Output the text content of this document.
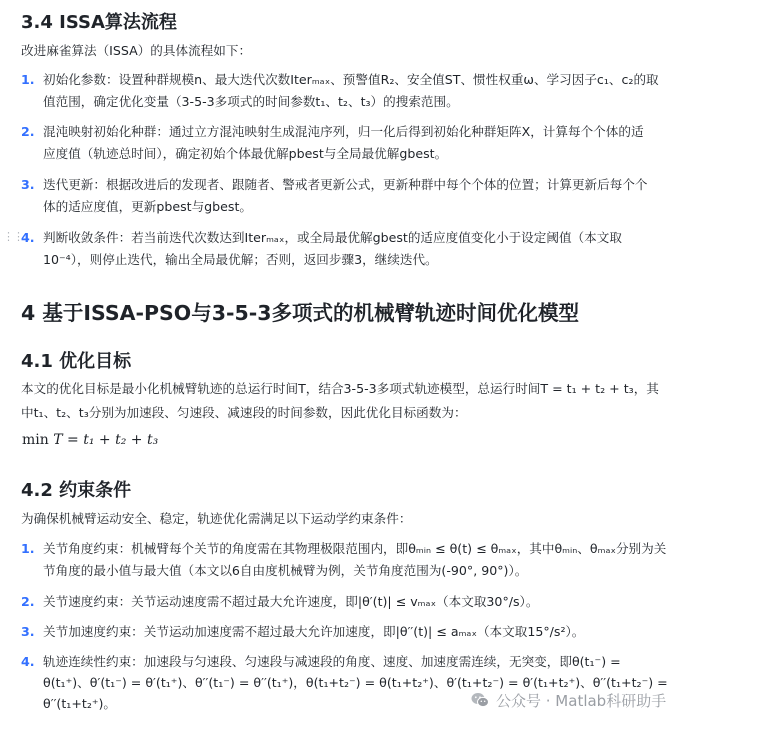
3.4 ISSA算法流程
改进麻雀算法（ISSA）的具体流程如下：
1. 初始化参数：设置种群规模n、最大迭代次数Iterₘₐₓ、预警值R₂、安全值ST、惯性权重ω、学习因子c₁、c₂的取
值范围，确定优化变量（3-5-3多项式的时间参数t₁、t₂、t₃）的搜索范围。
2. 混沌映射初始化种群：通过立方混沌映射生成混沌序列，归一化后得到初始化种群矩阵X，计算每个个体的适
应度值（轨迹总时间），确定初始个体最优解pbest与全局最优解gbest。
3. 迭代更新：根据改进后的发现者、跟随者、警戒者更新公式，更新种群中每个个体的位置；计算更新后每个个
体的适应度值，更新pbest与gbest。
⋮⋮
4. 判断收敛条件：若当前迭代次数达到Iterₘₐₓ，或全局最优解gbest的适应度值变化小于设定阈值（本文取
10⁻⁴），则停止迭代，输出全局最优解；否则，返回步骤3，继续迭代。
4 基于ISSA-PSO与3-5-3多项式的机械臂轨迹时间优化模型
4.1 优化目标
本文的优化目标是最小化机械臂轨迹的总运行时间T，结合3-5-3多项式轨迹模型，总运行时间T = t₁ + t₂ + t₃，其
中t₁、t₂、t₃分别为加速段、匀速段、减速段的时间参数，因此优化目标函数为：
min T = t₁ + t₂ + t₃
4.2 约束条件
为确保机械臂运动安全、稳定，轨迹优化需满足以下运动学约束条件：
1. 关节角度约束：机械臂每个关节的角度需在其物理极限范围内，即θₘᵢₙ ≤ θ(t) ≤ θₘₐₓ，其中θₘᵢₙ、θₘₐₓ分别为关
节角度的最小值与最大值（本文以6自由度机械臂为例，关节角度范围为(-90°, 90°)）。
2. 关节速度约束：关节运动速度需不超过最大允许速度，即|θ′(t)| ≤ vₘₐₓ（本文取30°/s）。
3. 关节加速度约束：关节运动加速度需不超过最大允许加速度，即|θ′′(t)| ≤ aₘₐₓ（本文取15°/s²）。
4. 轨迹连续性约束：加速段与匀速段、匀速段与减速段的角度、速度、加速度需连续，无突变，即θ(t₁⁻) =
θ(t₁⁺)、θ′(t₁⁻) = θ′(t₁⁺)、θ′′(t₁⁻) = θ′′(t₁⁺)，θ(t₁+t₂⁻) = θ(t₁+t₂⁺)、θ′(t₁+t₂⁻) = θ′(t₁+t₂⁺)、θ′′(t₁+t₂⁻) =
θ′′(t₁+t₂⁺)。	公众号 · Matlab科研助手
